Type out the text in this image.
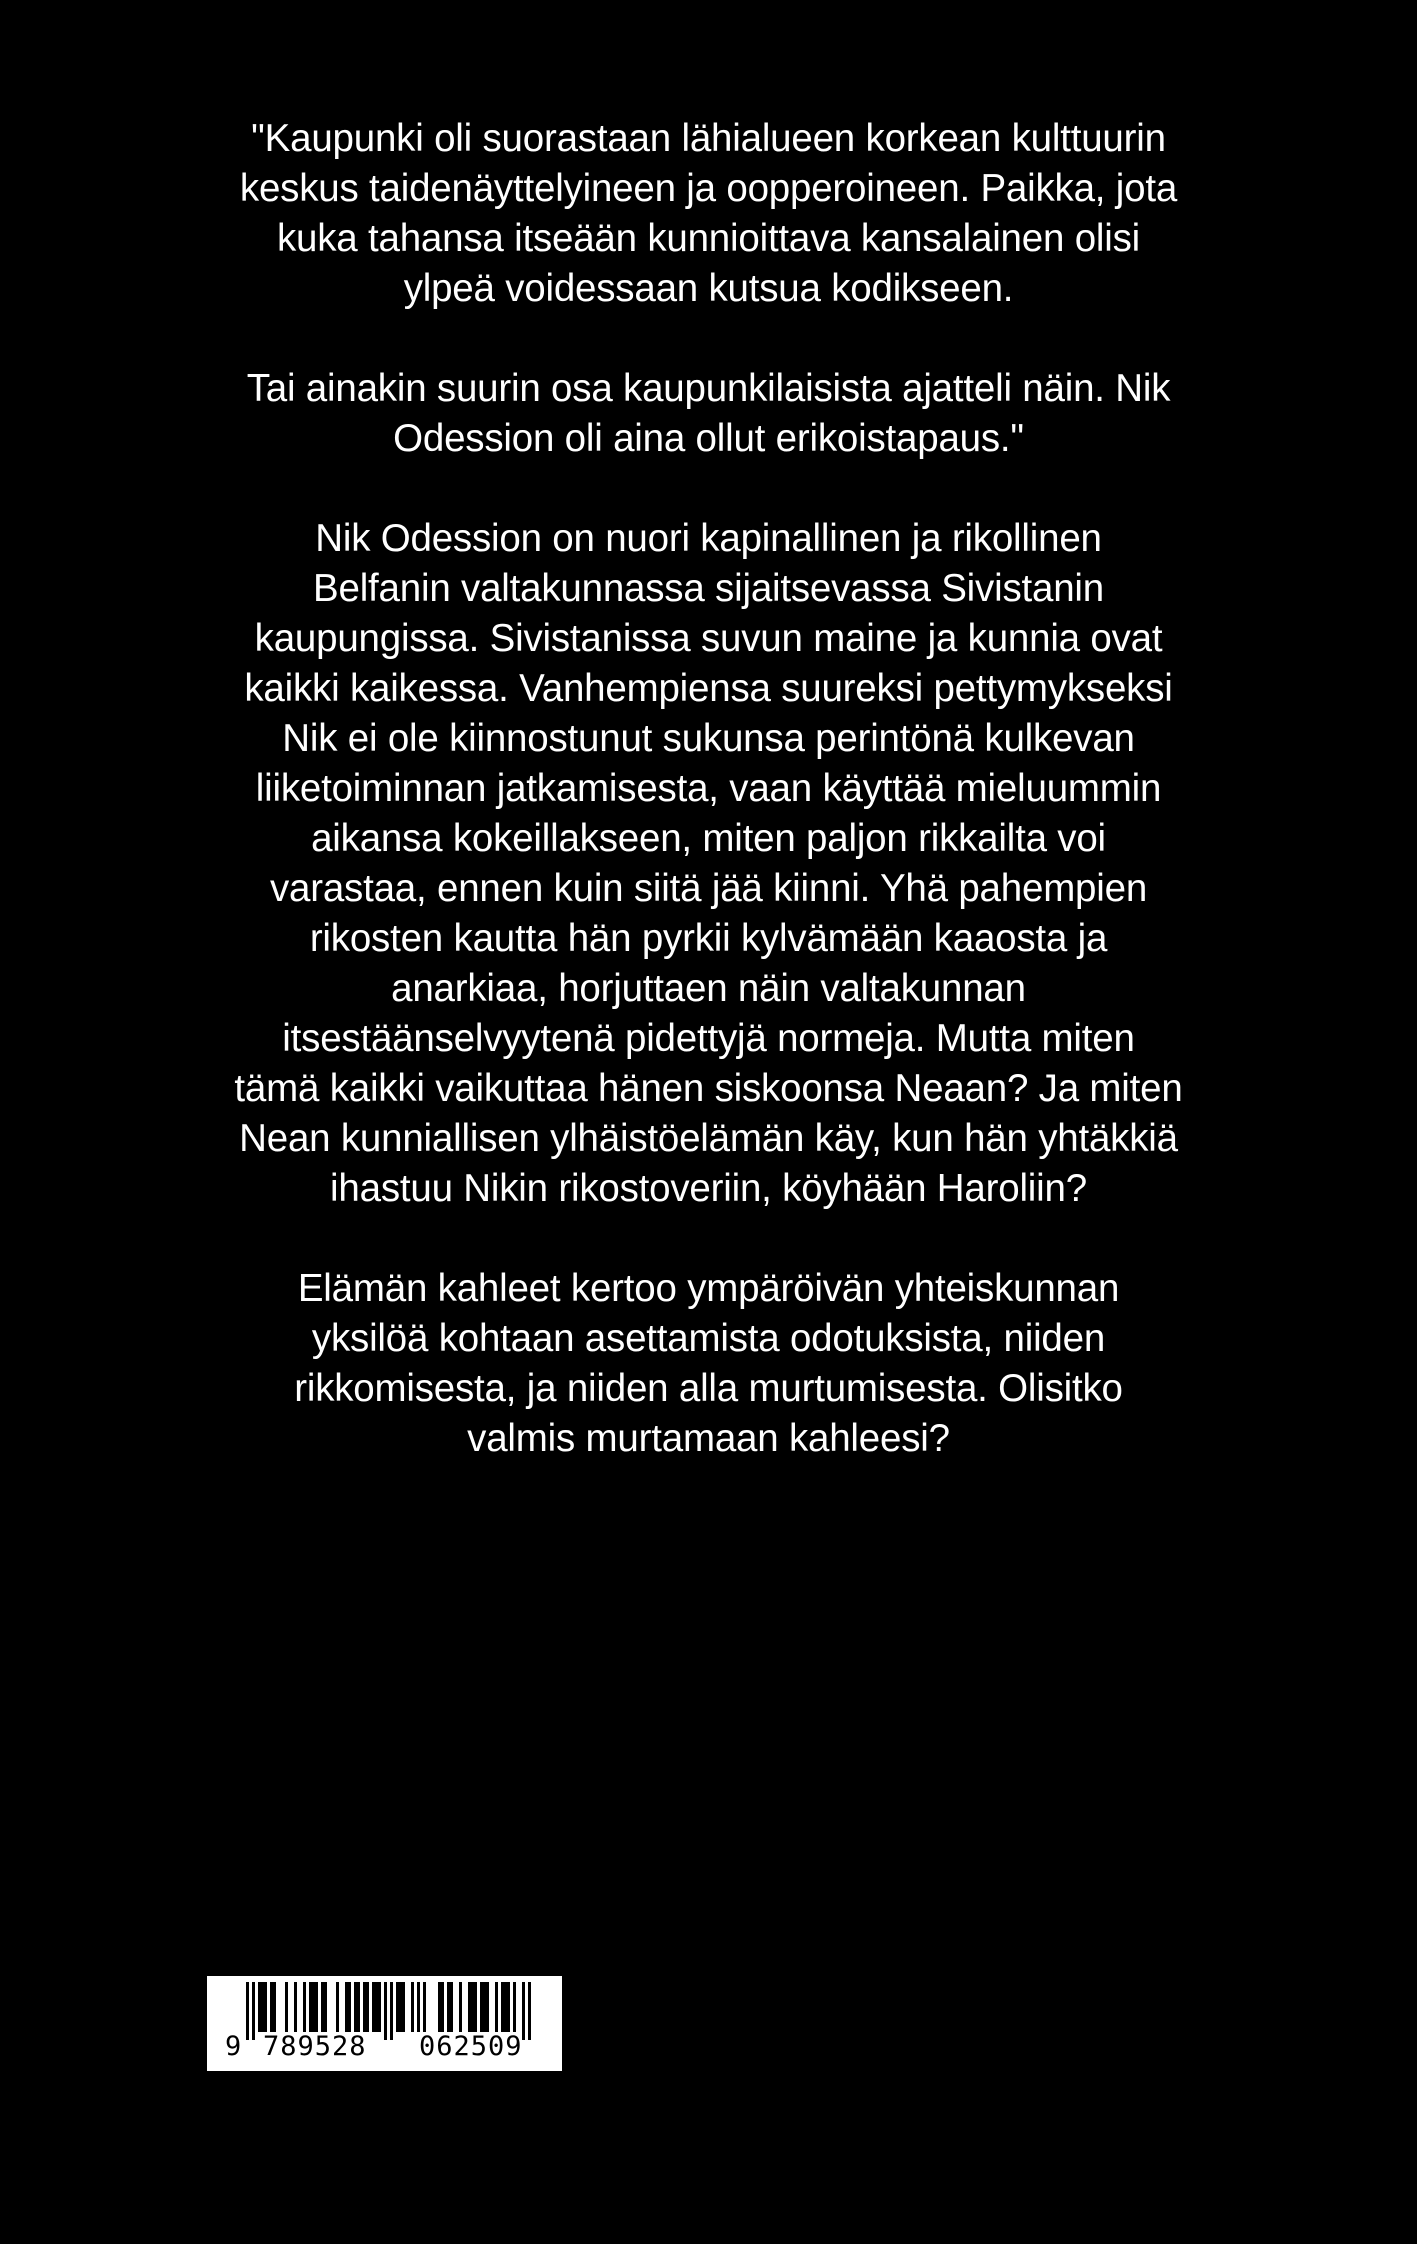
"Kaupunki oli suorastaan lähialueen korkean kulttuurin
keskus taidenäyttelyineen ja oopperoineen. Paikka, jota
kuka tahansa itseään kunnioittava kansalainen olisi
ylpeä voidessaan kutsua kodikseen.

Tai ainakin suurin osa kaupunkilaisista ajatteli näin. Nik
Odession oli aina ollut erikoistapaus."

Nik Odession on nuori kapinallinen ja rikollinen
Belfanin valtakunnassa sijaitsevassa Sivistanin
kaupungissa. Sivistanissa suvun maine ja kunnia ovat
kaikki kaikessa. Vanhempiensa suureksi pettymykseksi
Nik ei ole kiinnostunut sukunsa perintönä kulkevan
liiketoiminnan jatkamisesta, vaan käyttää mieluummin
aikansa kokeillakseen, miten paljon rikkailta voi
varastaa, ennen kuin siitä jää kiinni. Yhä pahempien
rikosten kautta hän pyrkii kylvämään kaaosta ja
anarkiaa, horjuttaen näin valtakunnan
itsestäänselvyytenä pidettyjä normeja. Mutta miten
tämä kaikki vaikuttaa hänen siskoonsa Neaan? Ja miten
Nean kunniallisen ylhäistöelämän käy, kun hän yhtäkkiä
ihastuu Nikin rikostoveriin, köyhään Haroliin?

Elämän kahleet kertoo ympäröivän yhteiskunnan
yksilöä kohtaan asettamista odotuksista, niiden
rikkomisesta, ja niiden alla murtumisesta. Olisitko
valmis murtamaan kahleesi?

9

789528

062509
